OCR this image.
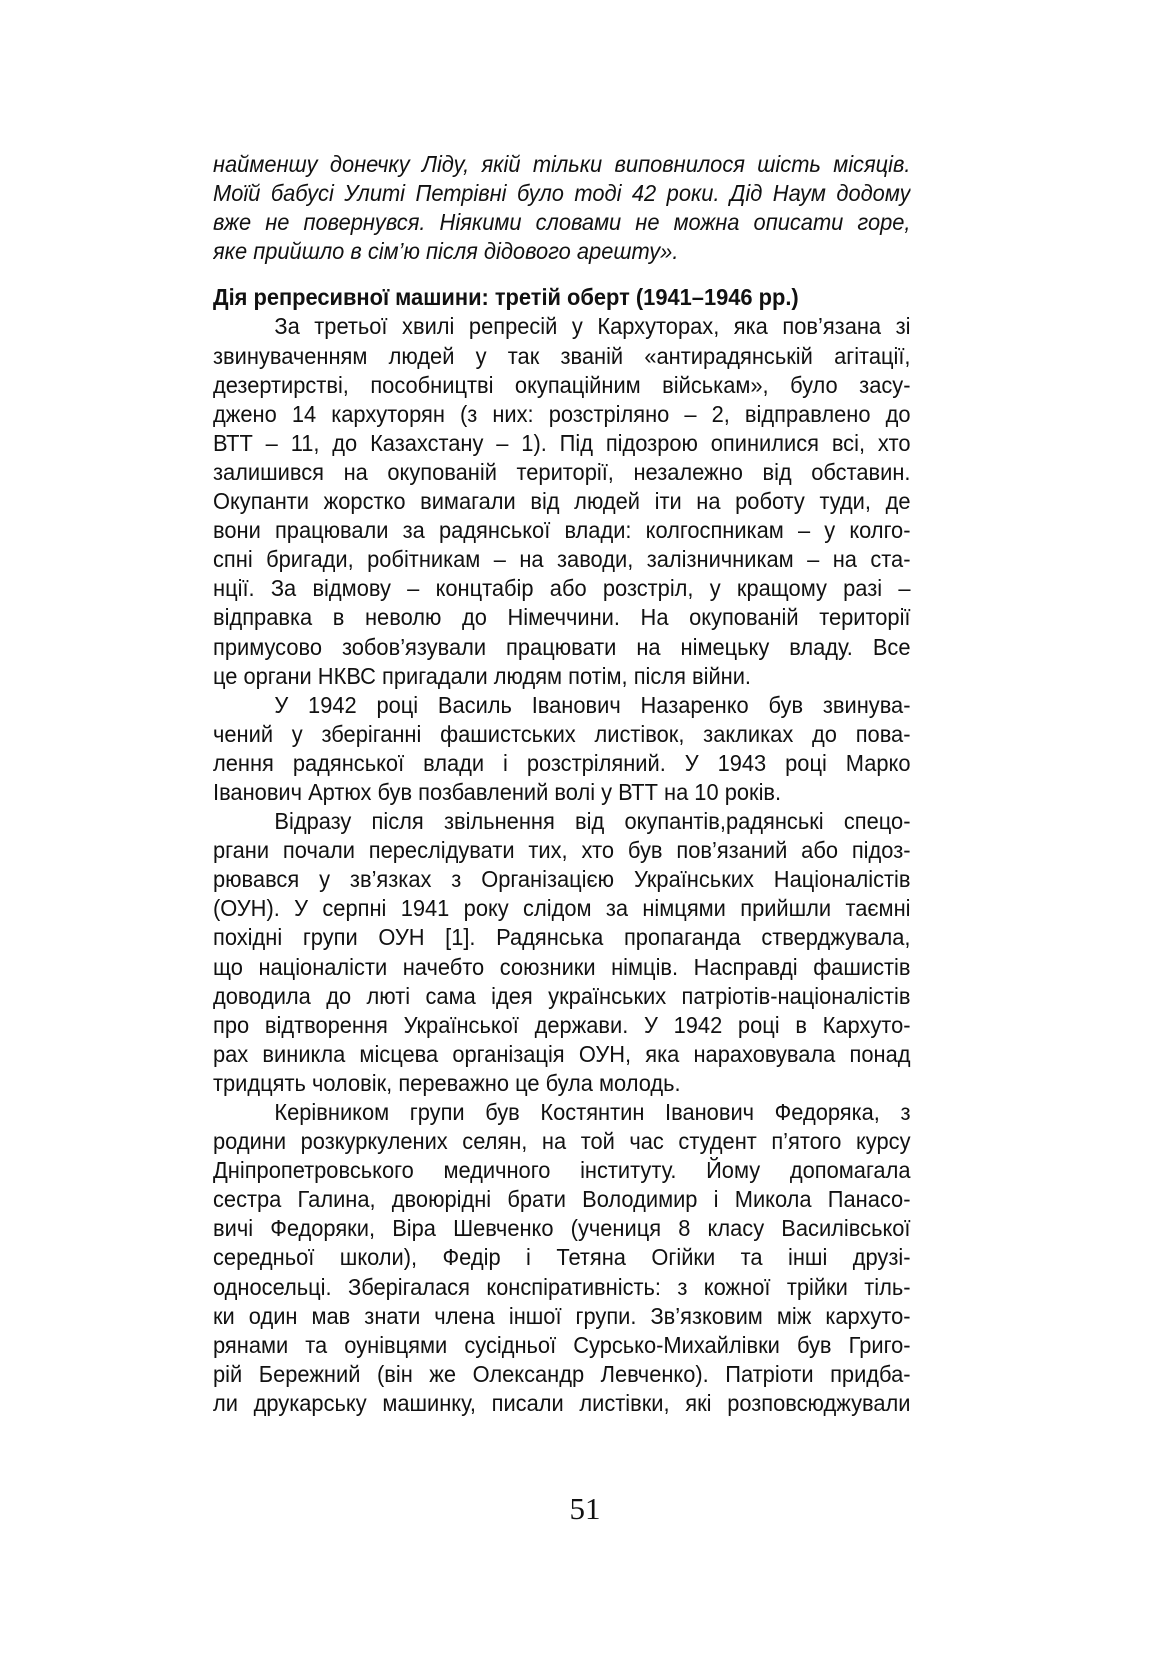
найменшу донечку Ліду, якій тільки виповнилося шість місяців.
Моїй бабусі Улиті Петрівні було тоді 42 роки. Дід Наум додому
вже не повернувся. Ніякими словами не можна описати горе,
яке прийшло в сім’ю після дідового арешту».
Дія репресивної машини: третій оберт (1941–1946 рр.)
За третьої хвилі репресій у Кархуторах, яка пов’язана зі
звинуваченням людей у так званій «антирадянській агітації,
дезертирстві, пособництві окупаційним військам», було засу-
джено 14 кархуторян (з них: розстріляно – 2, відправлено до
ВТТ – 11, до Казахстану – 1). Під підозрою опинилися всі, хто
залишився на окупованій території, незалежно від обставин.
Окупанти жорстко вимагали від людей іти на роботу туди, де
вони працювали за радянської влади: колгоспникам – у колго-
спні бригади, робітникам – на заводи, залізничникам – на ста-
нції. За відмову – концтабір або розстріл, у кращому разі –
відправка в неволю до Німеччини. На окупованій території
примусово зобов’язували працювати на німецьку владу. Все
це органи НКВС пригадали людям потім, після війни.
У 1942 році Василь Іванович Назаренко був звинува-
чений у зберіганні фашистських листівок, закликах до пова-
лення радянської влади і розстріляний. У 1943 році Марко
Іванович Артюх був позбавлений волі у ВТТ на 10 років.
Відразу після звільнення від окупантів,радянські спецо-
ргани почали переслідувати тих, хто був пов’язаний або підоз-
рювався у зв’язках з Організацією Українських Націоналістів
(ОУН). У серпні 1941 року слідом за німцями прийшли таємні
похідні групи ОУН [1]. Радянська пропаганда стверджувала,
що націоналісти начебто союзники німців. Насправді фашистів
доводила до люті сама ідея українських патріотів-націоналістів
про відтворення Української держави. У 1942 році в Кархуто-
рах виникла місцева організація ОУН, яка нараховувала понад
тридцять чоловік, переважно це була молодь.
Керівником групи був Костянтин Іванович Федоряка, з
родини розкуркулених селян, на той час студент п’ятого курсу
Дніпропетровського медичного інституту. Йому допомагала
сестра Галина, двоюрідні брати Володимир і Микола Панасо-
вичі Федоряки, Віра Шевченко (учениця 8 класу Василівської
середньої школи), Федір і Тетяна Огійки та інші друзі-
односельці. Зберігалася конспіративність: з кожної трійки тіль-
ки один мав знати члена іншої групи. Зв’язковим між кархуто-
рянами та оунівцями сусідньої Сурсько-Михайлівки був Григо-
рій Бережний (він же Олександр Левченко). Патріоти придба-
ли друкарську машинку, писали листівки, які розповсюджували
51
